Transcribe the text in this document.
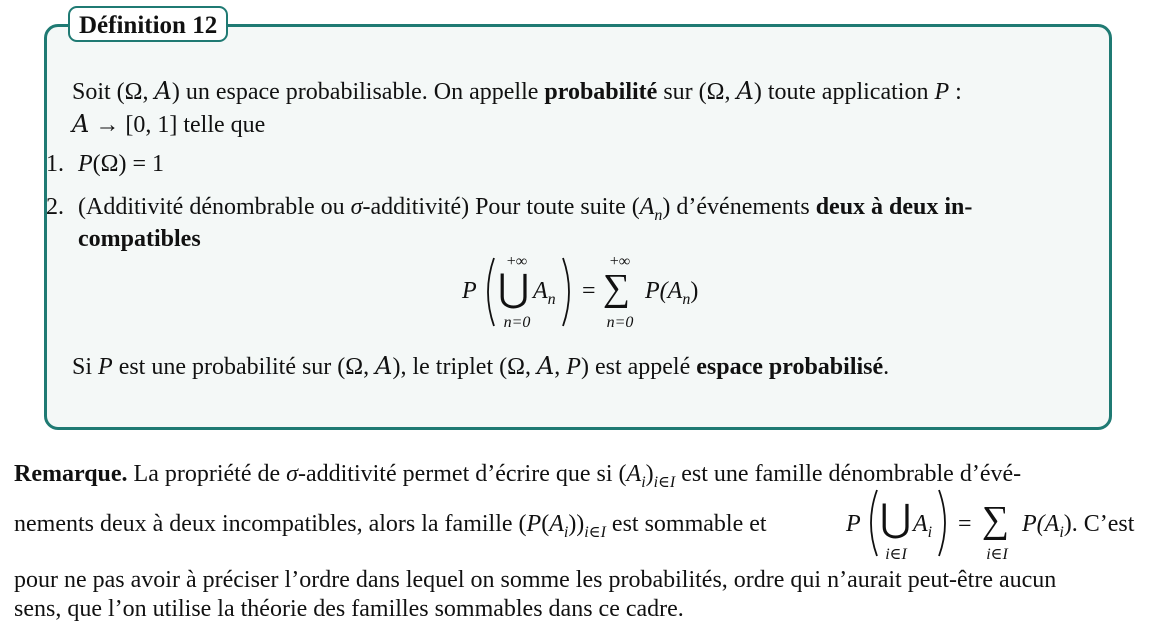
Définition 12
Soit (Ω, A) un espace probabilisable. On appelle probabilité sur (Ω, A) toute application P :
A → [0, 1] telle que
1. P(Ω) = 1
2. (Additivité dénombrable ou σ-additivité) Pour toute suite $(A_n)$ d’événements deux à deux in-
compatibles
P
+∞
⋃
n=0
$A_n$ =
+∞
∑
n=0
$P(A_n)$
Si P est une probabilité sur (Ω, A), le triplet (Ω, A, P) est appelé espace probabilisé.
Remarque. La propriété de σ-additivité permet d’écrire que si $(A_i)_{i\in I}$ est une famille dénombrable d’évé-
nements deux à deux incompatibles, alors la famille $(P(A_i))_{i\in I}$ est sommable et	P ⋃
i∈I
$A_i$ = ∑
i∈I
$P(A_i)$. C’est
pour ne pas avoir à préciser l’ordre dans lequel on somme les probabilités, ordre qui n’aurait peut-être aucun
sens, que l’on utilise la théorie des familles sommables dans ce cadre.
